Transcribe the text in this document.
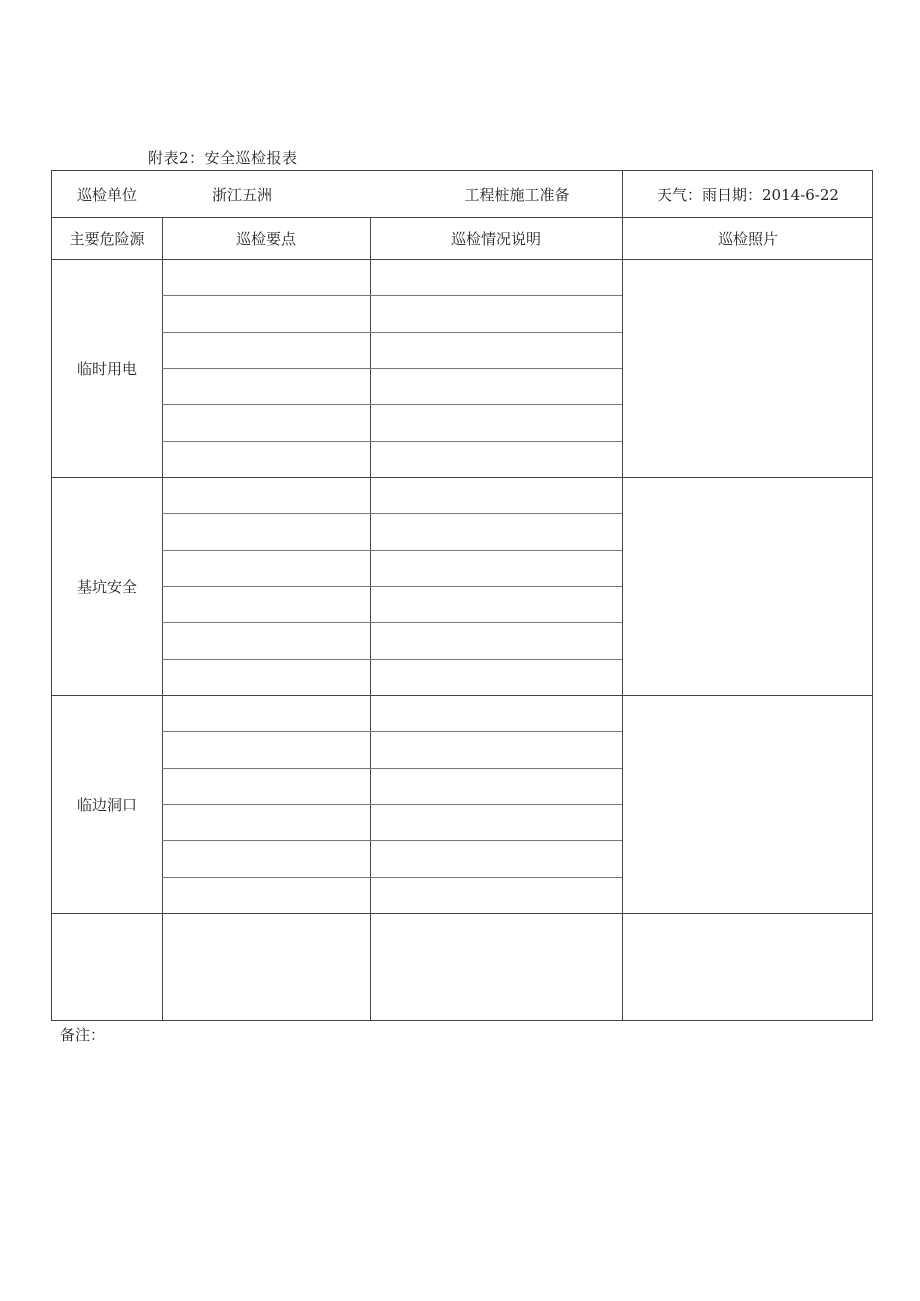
附表2：安全巡检报表
巡检单位	浙江五洲	工程桩施工准备	天气：雨日期：2014-6-22
主要危险源	巡检要点	巡检情况说明	巡检照片
临时用电
基坑安全
临边洞口
备注：
